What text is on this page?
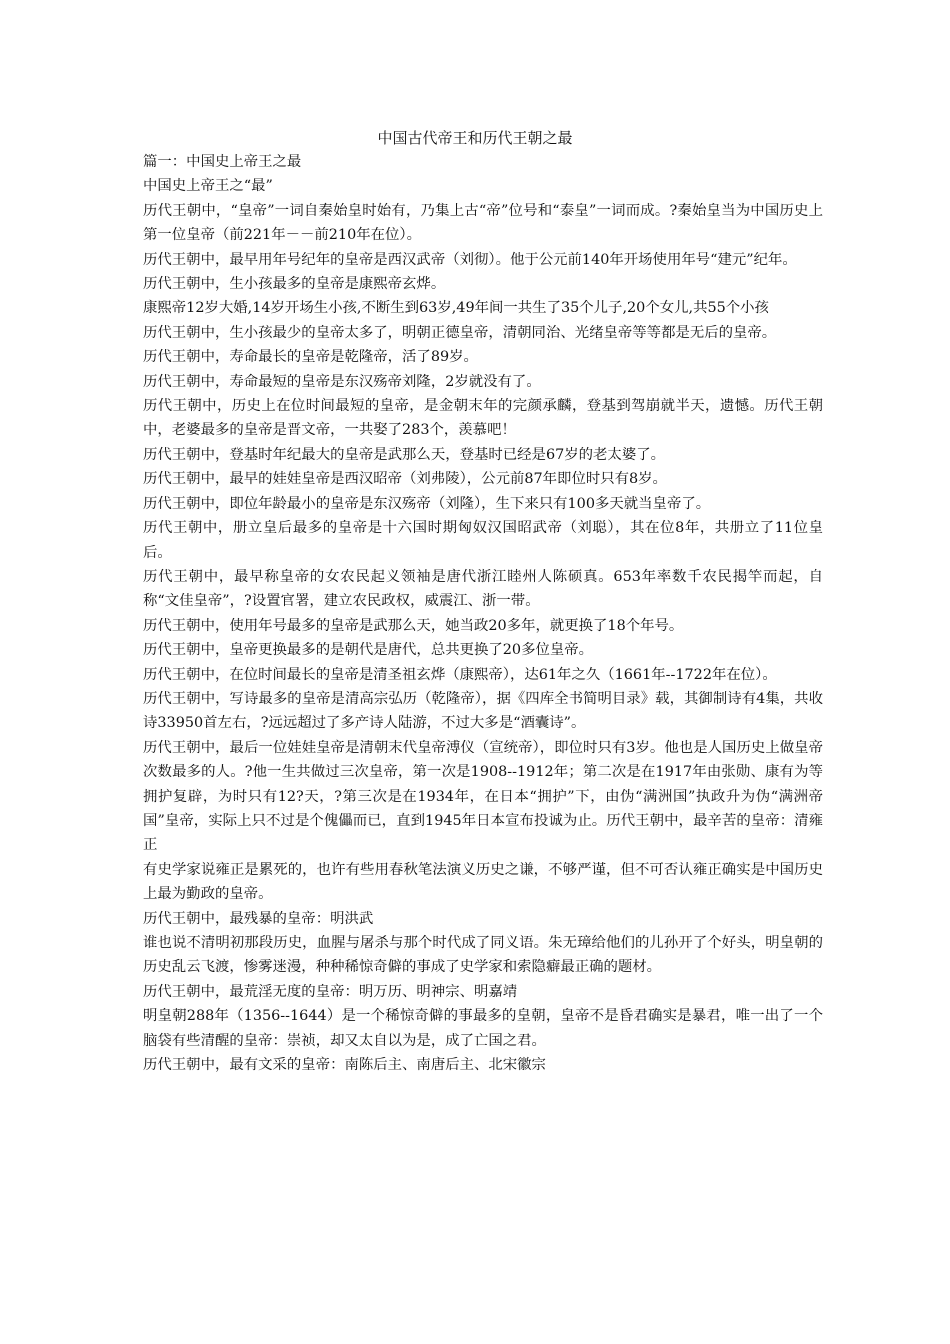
中国古代帝王和历代王朝之最

篇一：中国史上帝王之最

中国史上帝王之“最”

历代王朝中，“皇帝”一词自秦始皇时始有，乃集上古“帝”位号和“泰皇”一词而成。?秦始皇当为中国历史上第一位皇帝（前221年－－前210年在位）。

历代王朝中，最早用年号纪年的皇帝是西汉武帝（刘彻）。他于公元前140年开场使用年号“建元”纪年。

历代王朝中，生小孩最多的皇帝是康熙帝玄烨。

康熙帝12岁大婚,14岁开场生小孩,不断生到63岁,49年间一共生了35个儿子,20个女儿,共55个小孩

历代王朝中，生小孩最少的皇帝太多了，明朝正德皇帝，清朝同治、光绪皇帝等等都是无后的皇帝。

历代王朝中，寿命最长的皇帝是乾隆帝，活了89岁。

历代王朝中，寿命最短的皇帝是东汉殇帝刘隆，2岁就没有了。

历代王朝中，历史上在位时间最短的皇帝，是金朝末年的完颜承麟，登基到驾崩就半天，遗憾。历代王朝中，老婆最多的皇帝是晋文帝，一共娶了283个，羡慕吧！

历代王朝中，登基时年纪最大的皇帝是武那么天，登基时已经是67岁的老太婆了。

历代王朝中，最早的娃娃皇帝是西汉昭帝（刘弗陵），公元前87年即位时只有8岁。

历代王朝中，即位年龄最小的皇帝是东汉殇帝（刘隆），生下来只有100多天就当皇帝了。

历代王朝中，册立皇后最多的皇帝是十六国时期匈奴汉国昭武帝（刘聪），其在位8年，共册立了11位皇后。

历代王朝中，最早称皇帝的女农民起义领袖是唐代浙江睦州人陈硕真。653年率数千农民揭竿而起，自称“文佳皇帝”，?设置官署，建立农民政权，威震江、浙一带。

历代王朝中，使用年号最多的皇帝是武那么天，她当政20多年，就更换了18个年号。

历代王朝中，皇帝更换最多的是朝代是唐代，总共更换了20多位皇帝。

历代王朝中，在位时间最长的皇帝是清圣祖玄烨（康熙帝），达61年之久（1661年--1722年在位）。

历代王朝中，写诗最多的皇帝是清高宗弘历（乾隆帝），据《四库全书简明目录》载，其御制诗有4集，共收诗33950首左右，?远远超过了多产诗人陆游，不过大多是“酒囊诗”。

历代王朝中，最后一位娃娃皇帝是清朝末代皇帝溥仪（宣统帝），即位时只有3岁。他也是人国历史上做皇帝次数最多的人。?他一生共做过三次皇帝，第一次是1908--1912年；第二次是在1917年由张勋、康有为等拥护复辟，为时只有12?天，?第三次是在1934年，在日本“拥护”下，由伪“满洲国”执政升为伪“满洲帝国”皇帝，实际上只不过是个傀儡而已，直到1945年日本宣布投诚为止。历代王朝中，最辛苦的皇帝：清雍正

有史学家说雍正是累死的，也许有些用春秋笔法演义历史之谦，不够严谨，但不可否认雍正确实是中国历史上最为勤政的皇帝。

历代王朝中，最残暴的皇帝：明洪武

谁也说不清明初那段历史，血腥与屠杀与那个时代成了同义语。朱无璋给他们的儿孙开了个好头，明皇朝的历史乱云飞渡，惨雾迷漫，种种稀惊奇僻的事成了史学家和索隐癖最正确的题材。

历代王朝中，最荒淫无度的皇帝：明万历、明神宗、明嘉靖

明皇朝288年（1356--1644）是一个稀惊奇僻的事最多的皇朝，皇帝不是昏君确实是暴君，唯一出了一个脑袋有些清醒的皇帝：崇祯，却又太自以为是，成了亡国之君。

历代王朝中，最有文采的皇帝：南陈后主、南唐后主、北宋徽宗
